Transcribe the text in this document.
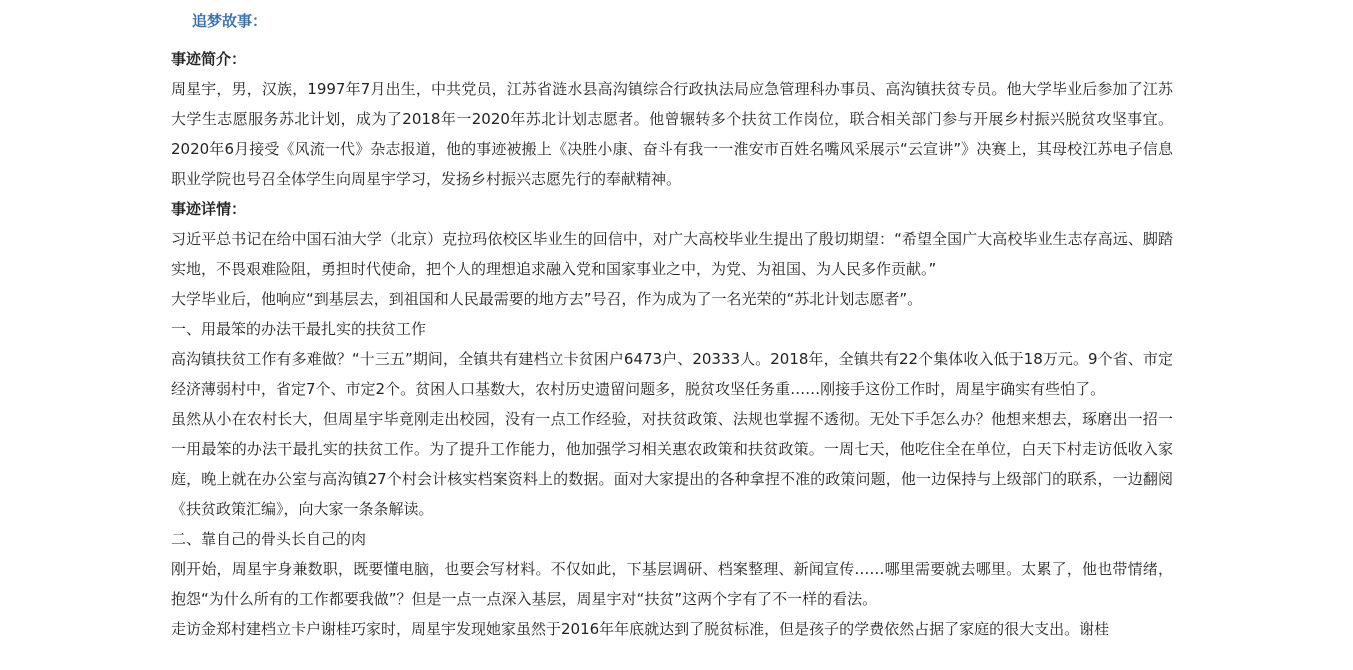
追梦故事：

事迹简介：

周星宇，男，汉族，1997年7月出生，中共党员，江苏省涟水县高沟镇综合行政执法局应急管理科办事员、高沟镇扶贫专员。他大学毕业后参加了江苏大学生志愿服务苏北计划，成为了2018年一2020年苏北计划志愿者。他曾辗转多个扶贫工作岗位，联合相关部门参与开展乡村振兴脱贫攻坚事宜。2020年6月接受《风流一代》杂志报道，他的事迹被搬上《决胜小康、奋斗有我一一淮安市百姓名嘴风采展示“云宣讲”》决赛上，其母校江苏电子信息职业学院也号召全体学生向周星宇学习，发扬乡村振兴志愿先行的奉献精神。

事迹详情：

习近平总书记在给中国石油大学（北京）克拉玛依校区毕业生的回信中，对广大高校毕业生提出了殷切期望：“希望全国广大高校毕业生志存高远、脚踏实地，不畏艰难险阻，勇担时代使命，把个人的理想追求融入党和国家事业之中，为党、为祖国、为人民多作贡献。”

大学毕业后，他响应“到基层去，到祖国和人民最需要的地方去”号召，作为成为了一名光荣的“苏北计划志愿者”。

一、用最笨的办法干最扎实的扶贫工作

高沟镇扶贫工作有多难做？“十三五”期间，全镇共有建档立卡贫困户6473户、20333人。2018年，全镇共有22个集体收入低于18万元。9个省、市定经济薄弱村中，省定7个、市定2个。贫困人口基数大，农村历史遗留问题多，脱贫攻坚任务重……刚接手这份工作时，周星宇确实有些怕了。

虽然从小在农村长大，但周星宇毕竟刚走出校园，没有一点工作经验，对扶贫政策、法规也掌握不透彻。无处下手怎么办？他想来想去，琢磨出一招一一用最笨的办法干最扎实的扶贫工作。为了提升工作能力，他加强学习相关惠农政策和扶贫政策。一周七天，他吃住全在单位，白天下村走访低收入家庭，晚上就在办公室与高沟镇27个村会计核实档案资料上的数据。面对大家提出的各种拿捏不准的政策问题，他一边保持与上级部门的联系，一边翻阅《扶贫政策汇编》，向大家一条条解读。

二、靠自己的骨头长自己的肉

刚开始，周星宇身兼数职，既要懂电脑，也要会写材料。不仅如此，下基层调研、档案整理、新闻宣传……哪里需要就去哪里。太累了，他也带情绪，抱怨“为什么所有的工作都要我做”？但是一点一点深入基层，周星宇对“扶贫”这两个字有了不一样的看法。

走访金郑村建档立卡户谢桂巧家时，周星宇发现她家虽然于2016年年底就达到了脱贫标准，但是孩子的学费依然占据了家庭的很大支出。谢桂
